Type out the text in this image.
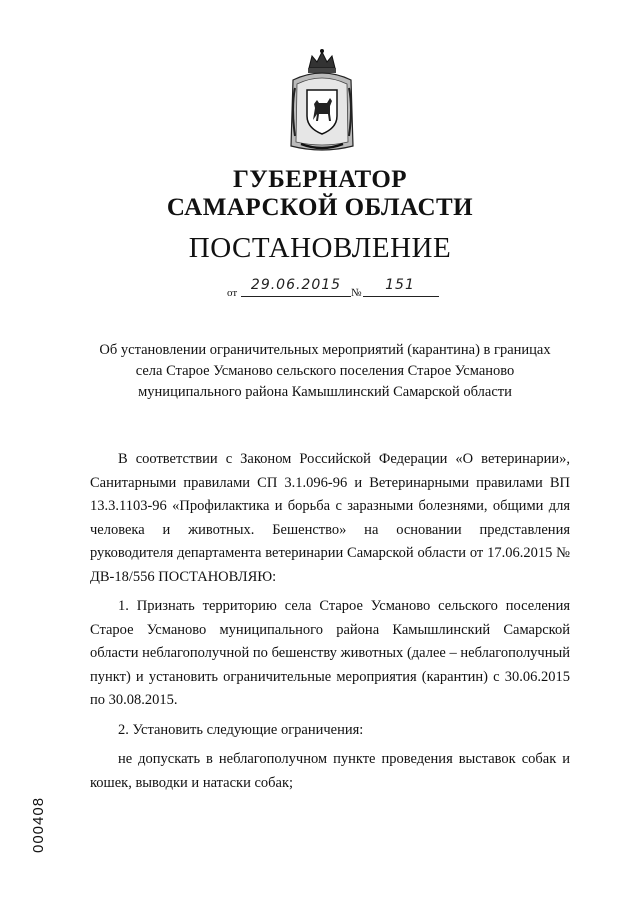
ГУБЕРНАТОР
САМАРСКОЙ ОБЛАСТИ
ПОСТАНОВЛЕНИЕ
от 29.06.2015 №	151
Об установлении ограничительных мероприятий (карантина) в границах
села Старое Усманово сельского поселения Старое Усманово
муниципального района Камышлинский Самарской области

В соответствии с Законом Российской Федерации «О ветеринарии», Санитарными правилами СП 3.1.096-96 и Ветеринарными правилами ВП 13.3.1103-96 «Профилактика и борьба с заразными болезнями, общими для человека и животных. Бешенство» на основании представления руководителя департамента ветеринарии Самарской области от 17.06.2015 № ДВ-18/556 ПОСТАНОВЛЯЮ:

1. Признать территорию села Старое Усманово сельского поселения Старое Усманово муниципального района Камышлинский Самарской области неблагополучной по бешенству животных (далее – неблагополучный пункт) и установить ограничительные мероприятия (карантин) с 30.06.2015 по 30.08.2015.

2. Установить следующие ограничения:

не допускать в неблагополучном пункте проведения выставок собак и кошек, выводки и натаски собак;

000408
